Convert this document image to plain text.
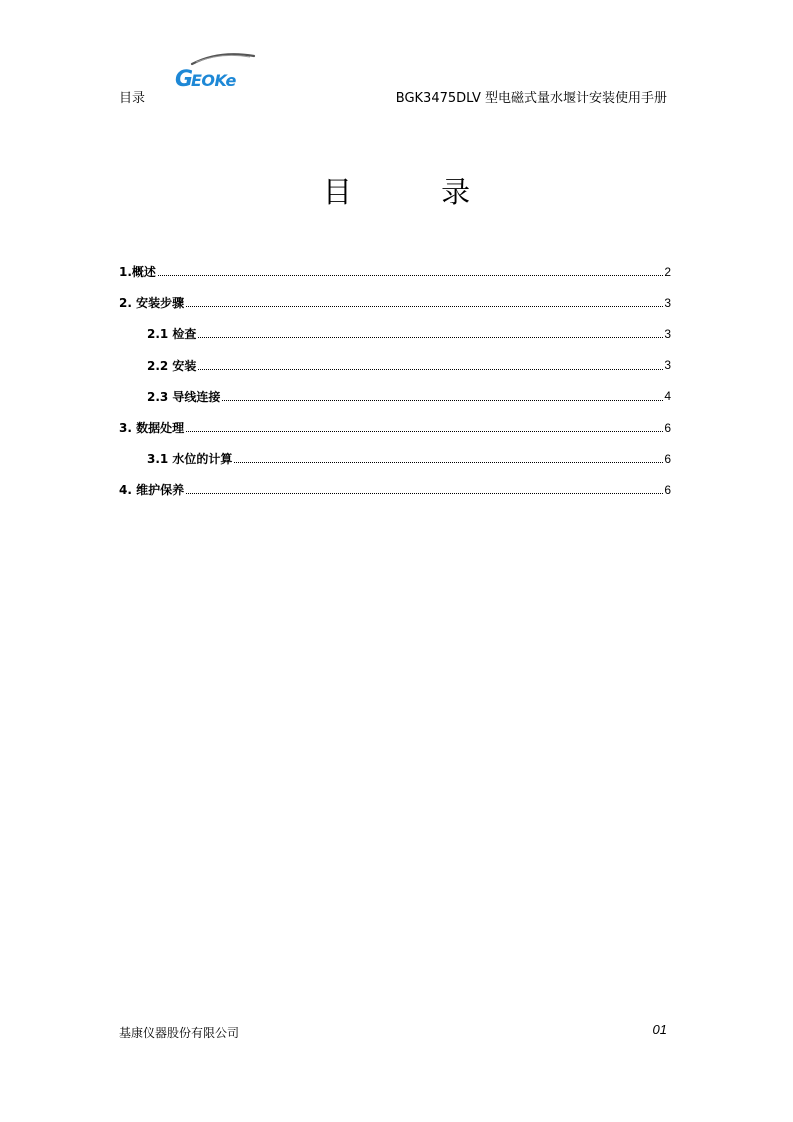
目录
G
EOKe
BGK3475DLV 型电磁式量水堰计安装使用手册
目 录
1.概述	2
2. 安装步骤	3
2.1 检查	3
2.2 安装	3
2.3 导线连接	4
3. 数据处理	6
3.1 水位的计算	6
4. 维护保养	6
基康仪器股份有限公司	01
